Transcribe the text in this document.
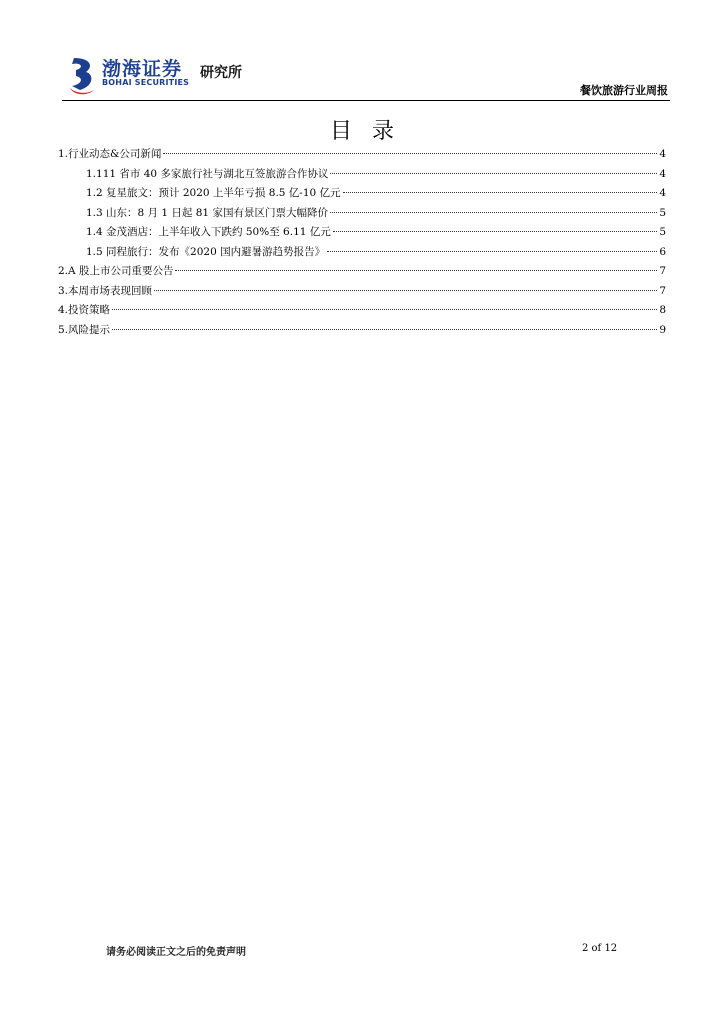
渤海证券
BOHAI SECURITIES
研究所
餐饮旅游行业周报
目录
1.行业动态&公司新闻	4
1.111 省市 40 多家旅行社与湖北互签旅游合作协议	4
1.2 复星旅文：预计 2020 上半年亏损 8.5 亿-10 亿元	4
1.3 山东：8 月 1 日起 81 家国有景区门票大幅降价	5
1.4 金茂酒店：上半年收入下跌约 50%至 6.11 亿元	5
1.5 同程旅行：发布《2020 国内避暑游趋势报告》	6
2.A 股上市公司重要公告	7
3.本周市场表现回顾	7
4.投资策略	8
5.风险提示	9
请务必阅读正文之后的免责声明	2 of 12
